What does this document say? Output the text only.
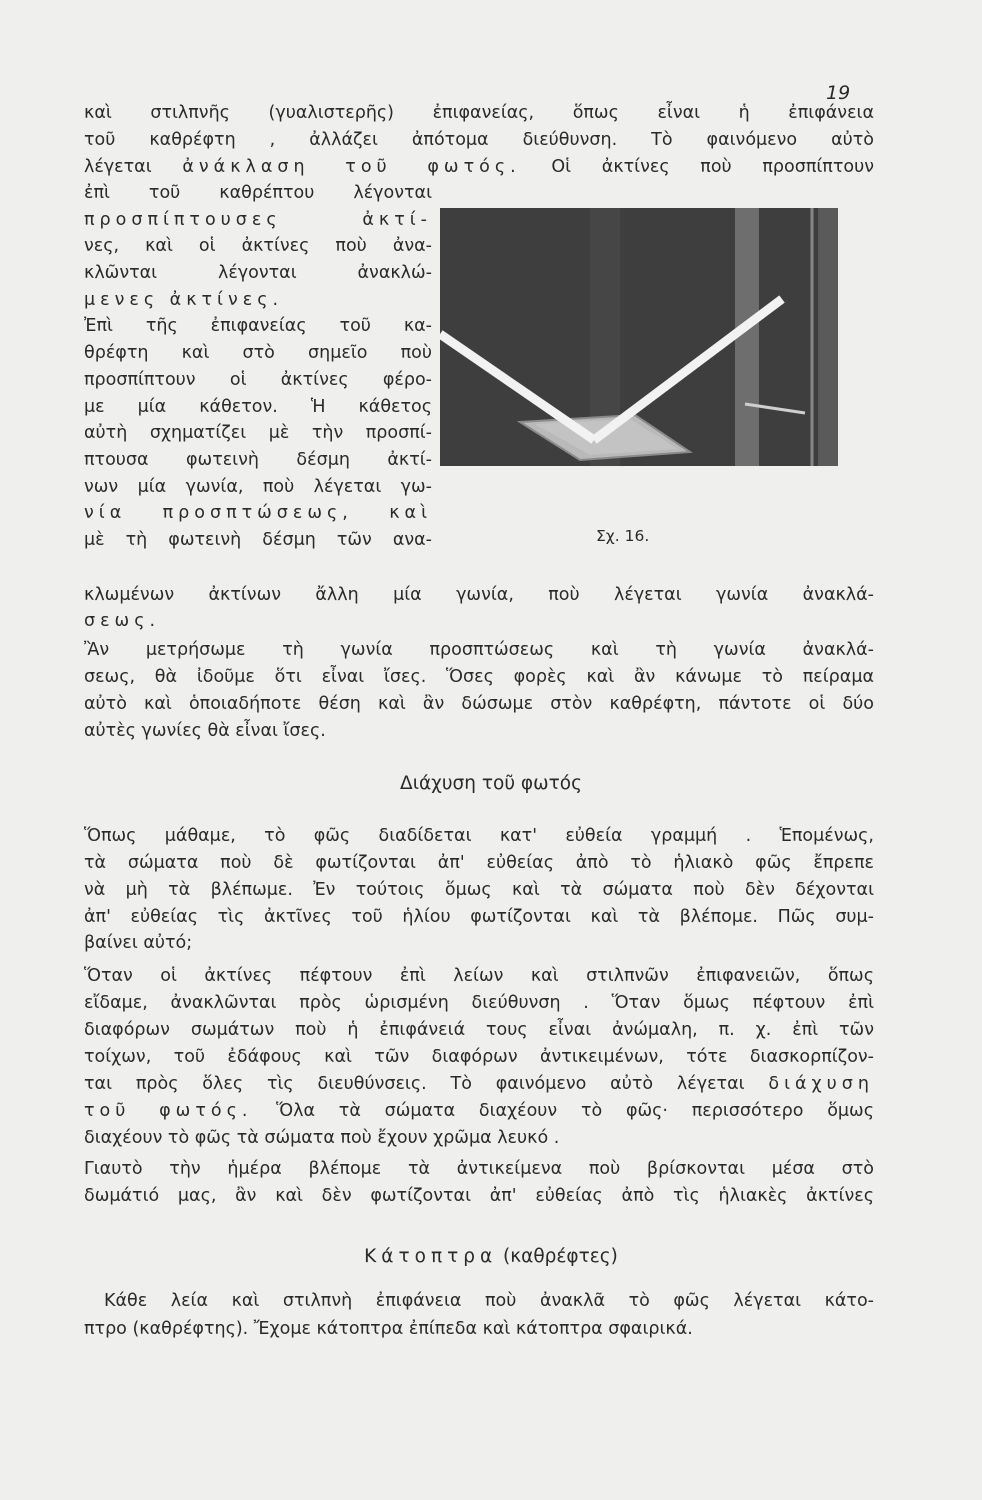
19
καὶ στιλπνῆς (γυαλιστερῆς) ἐπιφανείας, ὅπως εἶναι ἡ ἐπιφάνεια
τοῦ καθρέφτη , ἀλλάζει ἀπότομα διεύθυνση. Τὸ φαινόμενο αὐτὸ
λέγεται ἀνάκλαση τοῦ φωτός. Οἱ ἀκτίνες ποὺ προσπίπτουν
ἐπὶ τοῦ καθρέπτου λέγονται
προσπίπτουσες ἀκτί-
νες, καὶ οἱ ἀκτίνες ποὺ ἀνα-
κλῶνται λέγονται ἀνακλώ-
μενες ἀκτίνες.
Ἐπὶ τῆς ἐπιφανείας τοῦ κα-
θρέφτη καὶ στὸ σημεῖο ποὺ
προσπίπτουν οἱ ἀκτίνες φέρο-
με μία κάθετον. Ἡ κάθετος
αὐτὴ σχηματίζει μὲ τὴν προσπί-
πτουσα φωτεινὴ δέσμη ἀκτί-
νων μία γωνία, ποὺ λέγεται γω-
νία προσπτώσεως, καὶ
μὲ τὴ φωτεινὴ δέσμη τῶν ανα-	Σχ. 16.
κλωμένων ἀκτίνων ἄλλη μία γωνία, ποὺ λέγεται γωνία ἀνακλά-
σεως.
Ἂν μετρήσωμε τὴ γωνία προσπτώσεως καὶ τὴ γωνία ἀνακλά-
σεως, θὰ ἰδοῦμε ὅτι εἶναι ἴσες. Ὅσες φορὲς καὶ ἂν κάνωμε τὸ πείραμα
αὐτὸ καὶ ὁποιαδήποτε θέση καὶ ἂν δώσωμε στὸν καθρέφτη, πάντοτε οἱ δύο
αὐτὲς γωνίες θὰ εἶναι ἴσες.
Διάχυση τοῦ φωτός
Ὅπως μάθαμε, τὸ φῶς διαδίδεται κατ' εὐθεία γραμμή . Ἑπομένως,
τὰ σώματα ποὺ δὲ φωτίζονται ἀπ' εὐθείας ἀπὸ τὸ ἡλιακὸ φῶς ἔπρεπε
νὰ μὴ τὰ βλέπωμε. Ἐν τούτοις ὅμως καὶ τὰ σώματα ποὺ δὲν δέχονται
ἀπ' εὐθείας τὶς ἀκτῖνες τοῦ ἡλίου φωτίζονται καὶ τὰ βλέπομε. Πῶς συμ-
βαίνει αὐτό;
Ὅταν οἱ ἀκτίνες πέφτουν ἐπὶ λείων καὶ στιλπνῶν ἐπιφανειῶν, ὅπως
εἴδαμε, ἀνακλῶνται πρὸς ὡρισμένη διεύθυνση . Ὅταν ὅμως πέφτουν ἐπὶ
διαφόρων σωμάτων ποὺ ἡ ἐπιφάνειά τους εἶναι ἀνώμαλη, π. χ. ἐπὶ τῶν
τοίχων, τοῦ ἐδάφους καὶ τῶν διαφόρων ἀντικειμένων, τότε διασκορπίζον-
ται πρὸς ὅλες τὶς διευθύνσεις. Τὸ φαινόμενο αὐτὸ λέγεται διάχυση
τοῦ φωτός. Ὅλα τὰ σώματα διαχέουν τὸ φῶς· περισσότερο ὅμως
διαχέουν τὸ φῶς τὰ σώματα ποὺ ἔχουν χρῶμα λευκό .
Γιαυτὸ τὴν ἡμέρα βλέπομε τὰ ἀντικείμενα ποὺ βρίσκονται μέσα στὸ
δωμάτιό μας, ἂν καὶ δὲν φωτίζονται ἀπ' εὐθείας ἀπὸ τὶς ἡλιακὲς ἀκτίνες
Κάτοπτρα (καθρέφτες)
Κάθε λεία καὶ στιλπνὴ ἐπιφάνεια ποὺ ἀνακλᾶ τὸ φῶς λέγεται κάτο-
πτρο (καθρέφτης). Ἔχομε κάτοπτρα ἐπίπεδα καὶ κάτοπτρα σφαιρικά.
